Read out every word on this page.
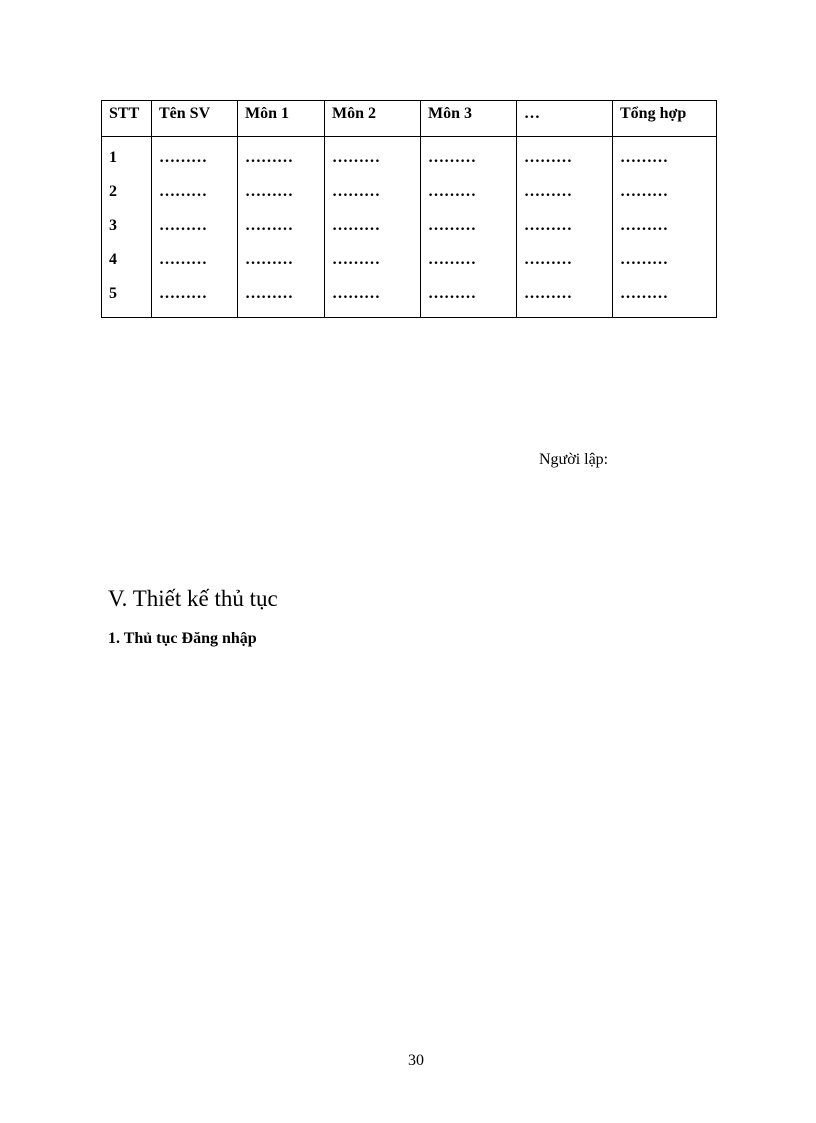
STT	Tên SV	Môn 1	Môn 2	Môn 3	…	Tổng hợp
1	………	………	………	………	………	………
2	………	………	………	………	………	………
3	………	………	………	………	………	………
4	………	………	………	………	………	………
5	………	………	………	………	………	………
Người lập:
V. Thiết kế thủ tục
1. Thủ tục Đăng nhập
30
